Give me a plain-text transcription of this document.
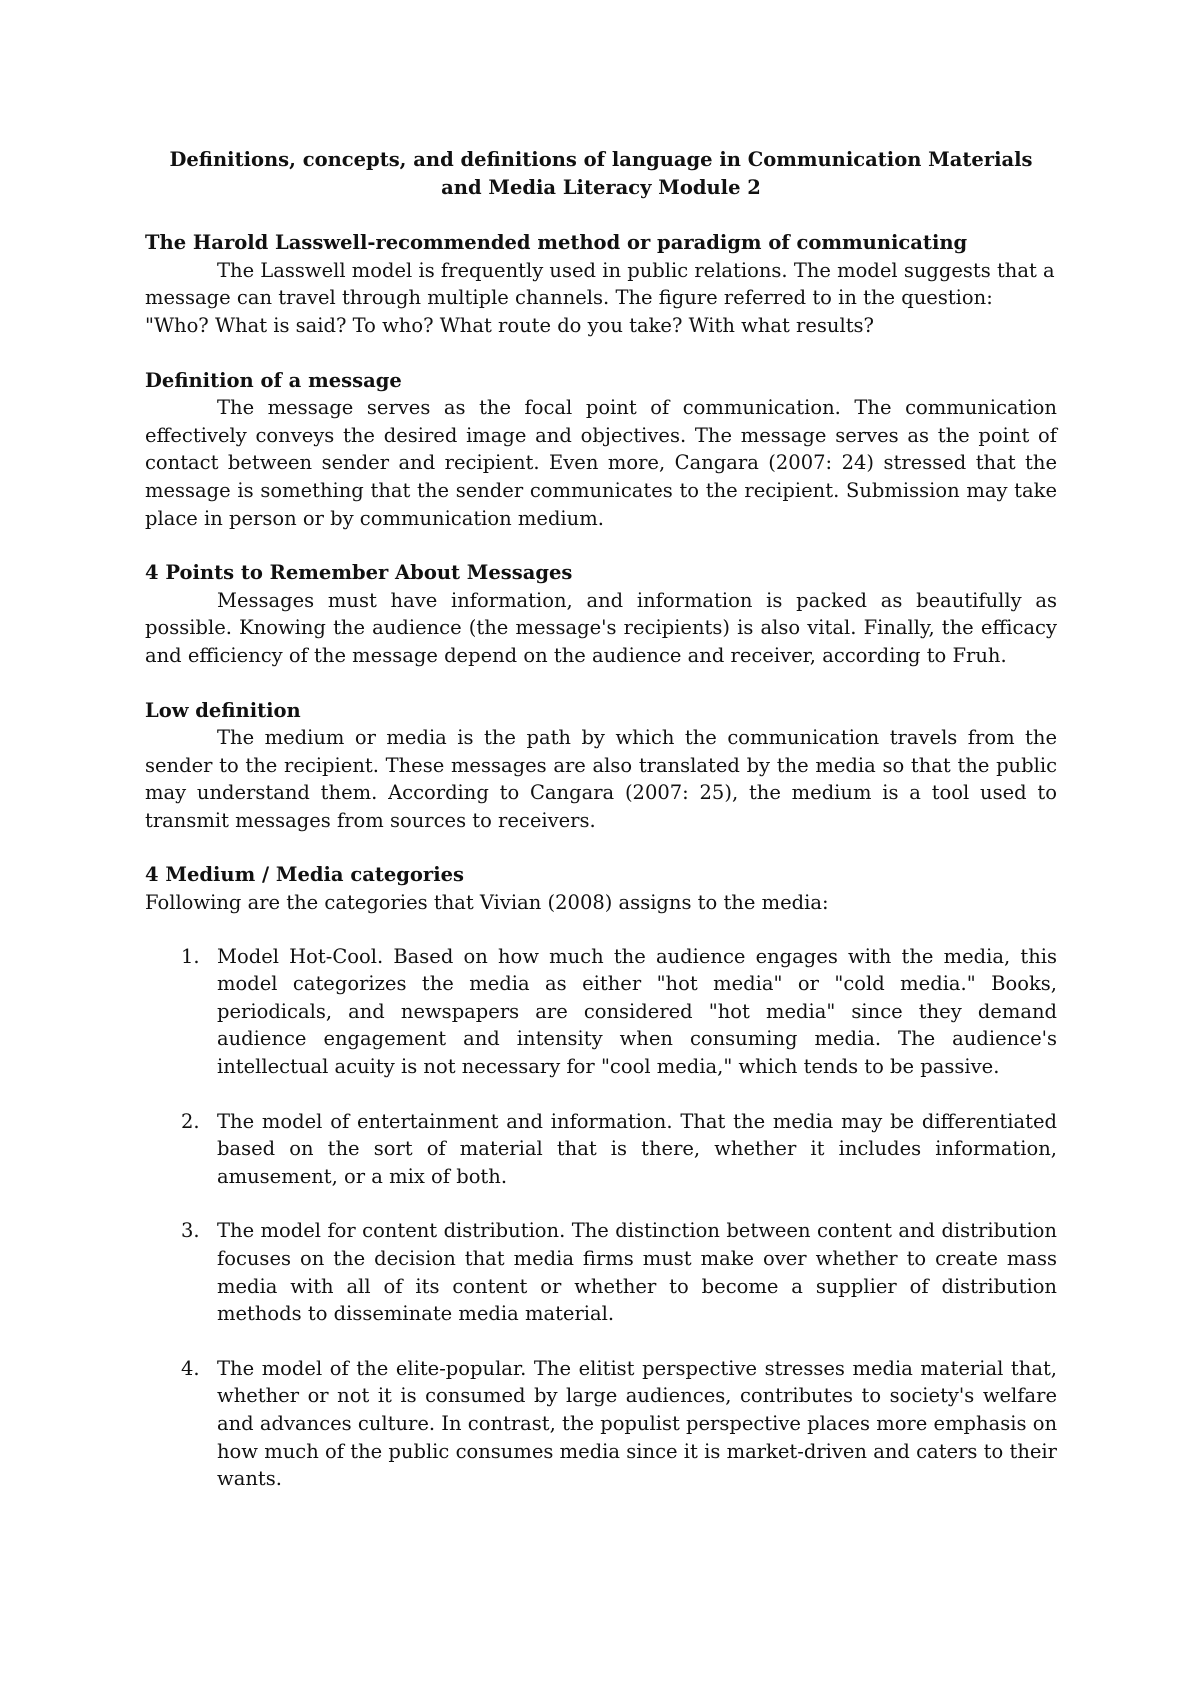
Definitions, concepts, and definitions of language in Communication Materials and Media Literacy Module 2

The Harold Lasswell-recommended method or paradigm of communicating

The Lasswell model is frequently used in public relations. The model suggests that a message can travel through multiple channels. The figure referred to in the question: "Who? What is said? To who? What route do you take? With what results?

Definition of a message

The message serves as the focal point of communication. The communication effectively conveys the desired image and objectives. The message serves as the point of contact between sender and recipient. Even more, Cangara (2007: 24) stressed that the message is something that the sender communicates to the recipient. Submission may take place in person or by communication medium.

4 Points to Remember About Messages

Messages must have information, and information is packed as beautifully as possible. Knowing the audience (the message's recipients) is also vital. Finally, the efficacy and efficiency of the message depend on the audience and receiver, according to Fruh.

Low definition

The medium or media is the path by which the communication travels from the sender to the recipient. These messages are also translated by the media so that the public may understand them. According to Cangara (2007: 25), the medium is a tool used to transmit messages from sources to receivers.

4 Medium / Media categories

Following are the categories that Vivian (2008) assigns to the media:

1. Model Hot-Cool. Based on how much the audience engages with the media, this model categorizes the media as either "hot media" or "cold media." Books, periodicals, and newspapers are considered "hot media" since they demand audience engagement and intensity when consuming media. The audience's intellectual acuity is not necessary for "cool media," which tends to be passive.
2. The model of entertainment and information. That the media may be differentiated based on the sort of material that is there, whether it includes information, amusement, or a mix of both.
3. The model for content distribution. The distinction between content and distribution focuses on the decision that media firms must make over whether to create mass media with all of its content or whether to become a supplier of distribution methods to disseminate media material.
4. The model of the elite-popular. The elitist perspective stresses media material that, whether or not it is consumed by large audiences, contributes to society's welfare and advances culture. In contrast, the populist perspective places more emphasis on how much of the public consumes media since it is market-driven and caters to their wants.
